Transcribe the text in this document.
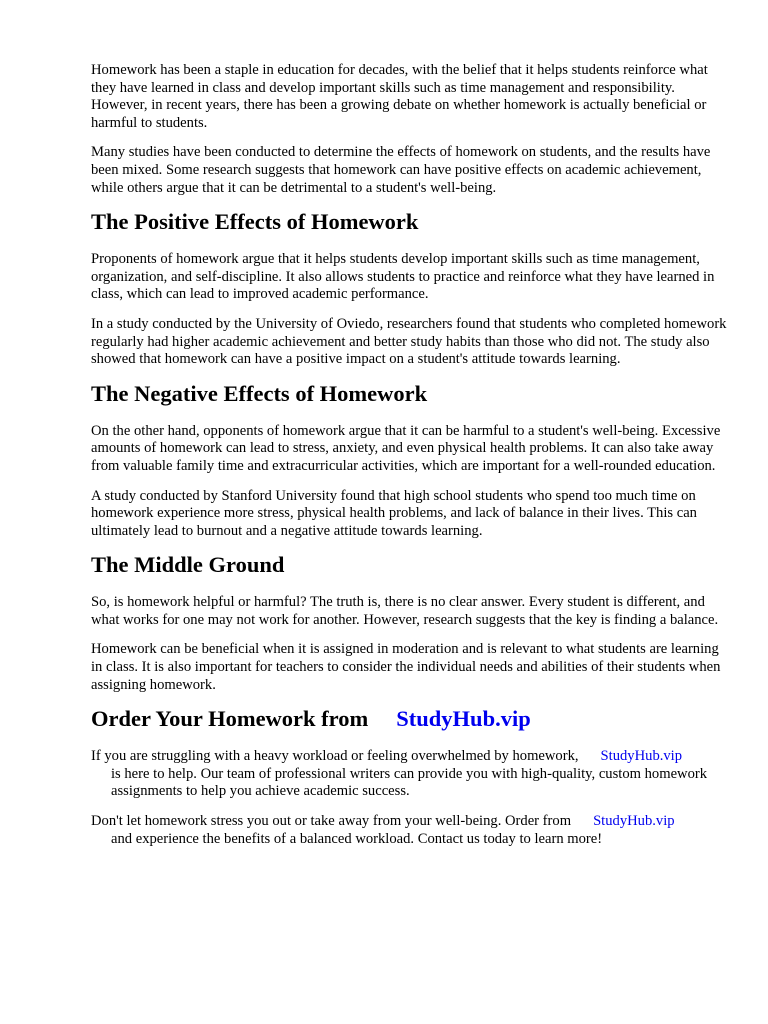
Homework has been a staple in education for decades, with the belief that it helps students reinforce what they have learned in class and develop important skills such as time management and responsibility. However, in recent years, there has been a growing debate on whether homework is actually beneficial or harmful to students.

Many studies have been conducted to determine the effects of homework on students, and the results have been mixed. Some research suggests that homework can have positive effects on academic achievement, while others argue that it can be detrimental to a student's well-being.

The Positive Effects of Homework

Proponents of homework argue that it helps students develop important skills such as time management, organization, and self-discipline. It also allows students to practice and reinforce what they have learned in class, which can lead to improved academic performance.

In a study conducted by the University of Oviedo, researchers found that students who completed homework regularly had higher academic achievement and better study habits than those who did not. The study also showed that homework can have a positive impact on a student's attitude towards learning.

The Negative Effects of Homework

On the other hand, opponents of homework argue that it can be harmful to a student's well-being. Excessive amounts of homework can lead to stress, anxiety, and even physical health problems. It can also take away from valuable family time and extracurricular activities, which are important for a well-rounded education.

A study conducted by Stanford University found that high school students who spend too much time on homework experience more stress, physical health problems, and lack of balance in their lives. This can ultimately lead to burnout and a negative attitude towards learning.

The Middle Ground

So, is homework helpful or harmful? The truth is, there is no clear answer. Every student is different, and what works for one may not work for another. However, research suggests that the key is finding a balance.

Homework can be beneficial when it is assigned in moderation and is relevant to what students are learning in class. It is also important for teachers to consider the individual needs and abilities of their students when assigning homework.

Order Your Homework from StudyHub.vip

If you are struggling with a heavy workload or feeling overwhelmed by homework, StudyHub.vip
is here to help. Our team of professional writers can provide you with high-quality, custom homework assignments to help you achieve academic success.

Don't let homework stress you out or take away from your well-being. Order from StudyHub.vip
and experience the benefits of a balanced workload. Contact us today to learn more!
